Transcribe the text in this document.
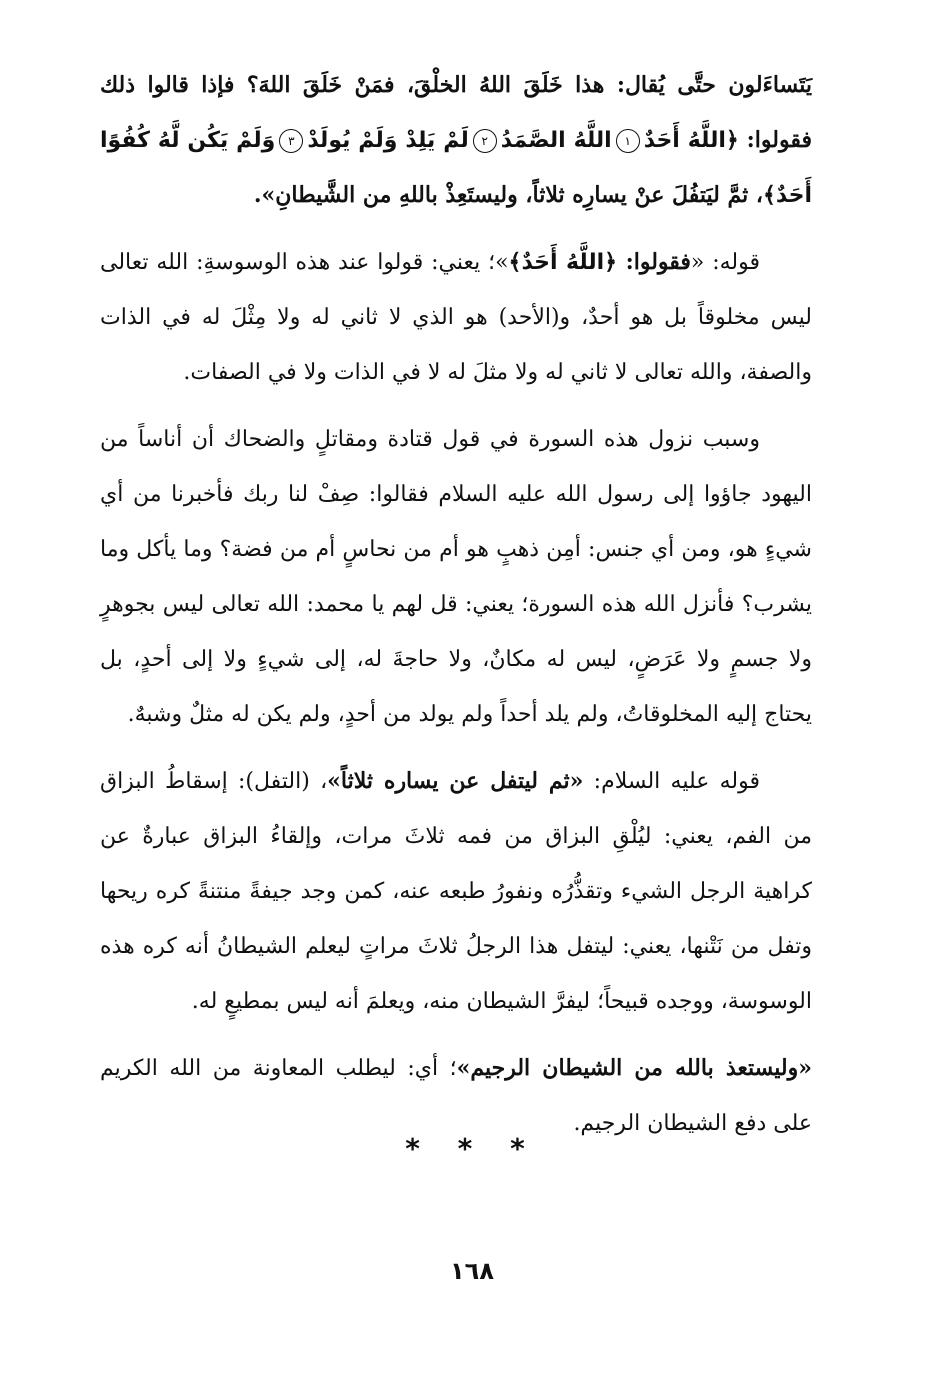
يَتَساءَلون حتَّى يُقال: هذا خَلَقَ اللهُ الخلْقَ، فمَنْ خَلَقَ اللهَ؟ فإذا قالوا ذلك فقولوا: ﴿اللَّهُ أَحَدٌ١اللَّهُ الصَّمَدُ٢لَمْ يَلِدْ وَلَمْ يُولَدْ٣وَلَمْ يَكُن لَّهُ كُفُوًا أَحَدٌ﴾، ثمَّ ليَتفُلَ عنْ يسارِه ثلاثاً، وليستَعِذْ باللهِ من الشَّيطانِ».

قوله: «فقولوا: ﴿اللَّهُ أَحَدٌ﴾»؛ يعني: قولوا عند هذه الوسوسةِ: الله تعالى ليس مخلوقاً بل هو أحدٌ، و(الأحد) هو الذي لا ثاني له ولا مِثْلَ له في الذات والصفة، والله تعالى لا ثاني له ولا مثلَ له لا في الذات ولا في الصفات.

وسبب نزول هذه السورة في قول قتادة ومقاتلٍ والضحاك أن أناساً من اليهود جاؤوا إلى رسول الله عليه السلام فقالوا: صِفْ لنا ربك فأخبرنا من أي شيءٍ هو، ومن أي جنس: أمِن ذهبٍ هو أم من نحاسٍ أم من فضة؟ وما يأكل وما يشرب؟ فأنزل الله هذه السورة؛ يعني: قل لهم يا محمد: الله تعالى ليس بجوهرٍ ولا جسمٍ ولا عَرَضٍ، ليس له مكانٌ، ولا حاجةَ له، إلى شيءٍ ولا إلى أحدٍ، بل يحتاج إليه المخلوقاتُ، ولم يلد أحداً ولم يولد من أحدٍ، ولم يكن له مثلٌ وشبهٌ.

قوله عليه السلام: «ثم ليتفل عن يساره ثلاثاً»، (التفل): إسقاطُ البزاق من الفم، يعني: ليُلْقِ البزاق من فمه ثلاثَ مرات، وإلقاءُ البزاق عبارةٌ عن كراهية الرجل الشيء وتقذُّرُه ونفورُ طبعه عنه، كمن وجد جيفةً منتنةً كره ريحها وتفل من نَتْنها، يعني: ليتفل هذا الرجلُ ثلاثَ مراتٍ ليعلم الشيطانُ أنه كره هذه الوسوسة، ووجده قبيحاً؛ ليفرَّ الشيطان منه، ويعلمَ أنه ليس بمطيعٍ له.

«وليستعذ بالله من الشيطان الرجيم»؛ أي: ليطلب المعاونة من الله الكريم على دفع الشيطان الرجيم.

* * *
١٦٨
